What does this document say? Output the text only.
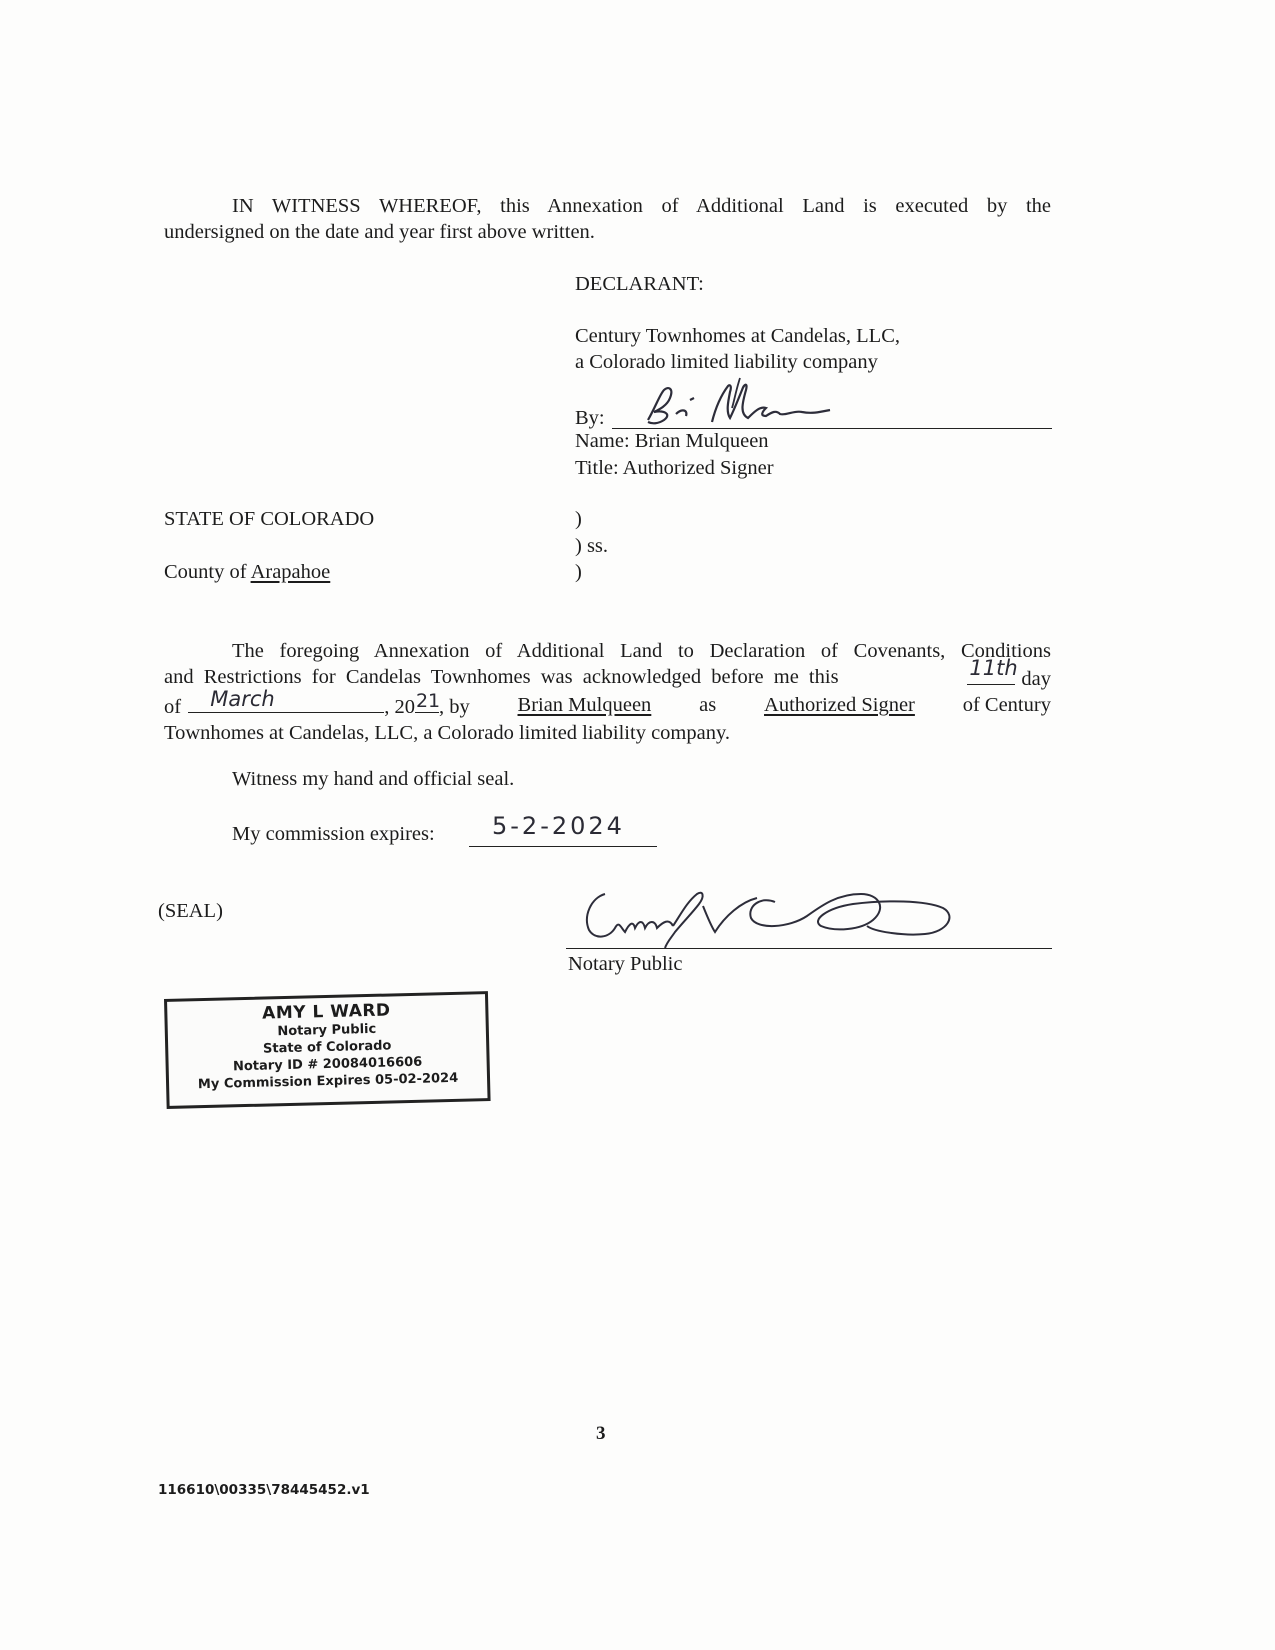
IN WITNESS WHEREOF, this Annexation of Additional Land is executed by the
undersigned on the date and year first above written.
DECLARANT:
Century Townhomes at Candelas, LLC,
a Colorado limited liability company
By:
Name: Brian Mulqueen
Title: Authorized Signer
STATE OF COLORADO
County of Arapahoe
)
) ss.
)
The foregoing Annexation of Additional Land to Declaration of Covenants, Conditions
and Restrictions for Candelas Townhomes was acknowledged before me this	11th day
of March	, 20 21
, by Brian Mulqueen as Authorized Signer of Century
Townhomes at Candelas, LLC, a Colorado limited liability company.
Witness my hand and official seal.
My commission expires: 5-2-2024
(SEAL)
Notary Public
AMY L WARD
Notary Public
State of Colorado
Notary ID # 20084016606
My Commission Expires 05-02-2024
3
116610\00335\78445452.v1
